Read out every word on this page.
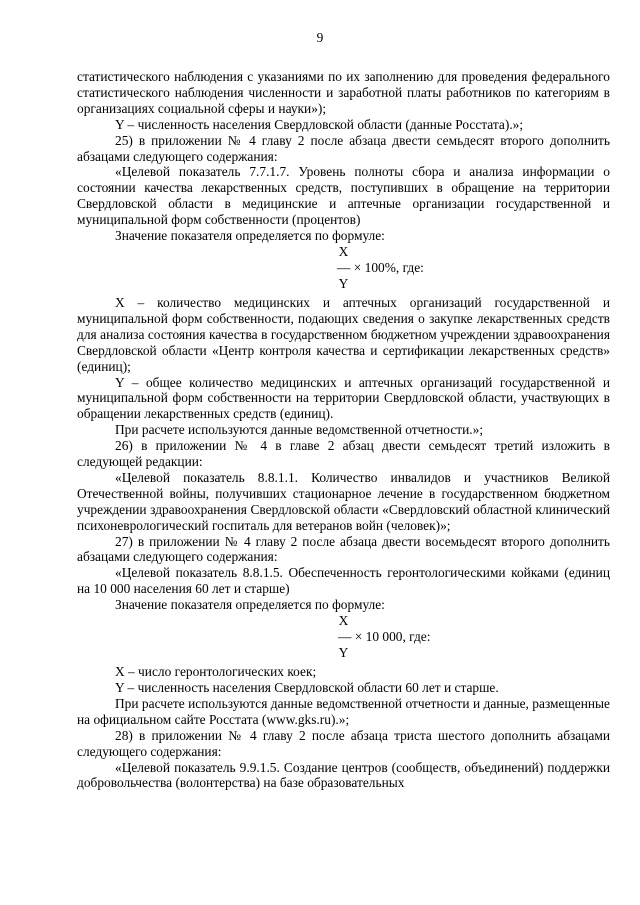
9

статистического наблюдения с указаниями по их заполнению для проведения федерального статистического наблюдения численности и заработной платы работников по категориям в организациях социальной сферы и науки»);

Y – численность населения Свердловской области (данные Росстата).»;

25) в приложении № 4 главу 2 после абзаца двести семьдесят второго дополнить абзацами следующего содержания:

«Целевой показатель 7.7.1.7. Уровень полноты сбора и анализа информации о состоянии качества лекарственных средств, поступивших в обращение на территории Свердловской области в медицинские и аптечные организации государственной и муниципальной форм собственности (процентов)

Значение показателя определяется по формуле:

X
— × 100%, где:
Y

X – количество медицинских и аптечных организаций государственной и муниципальной форм собственности, подающих сведения о закупке лекарственных средств для анализа состояния качества в государственном бюджетном учреждении здравоохранения Свердловской области «Центр контроля качества и сертификации лекарственных средств» (единиц);

Y – общее количество медицинских и аптечных организаций государственной и муниципальной форм собственности на территории Свердловской области, участвующих в обращении лекарственных средств (единиц).

При расчете используются данные ведомственной отчетности.»;

26) в приложении № 4 в главе 2 абзац двести семьдесят третий изложить в следующей редакции:

«Целевой показатель 8.8.1.1. Количество инвалидов и участников Великой Отечественной войны, получивших стационарное лечение в государственном бюджетном учреждении здравоохранения Свердловской области «Свердловский областной клинический психоневрологический госпиталь для ветеранов войн (человек)»;

27) в приложении № 4 главу 2 после абзаца двести восемьдесят второго дополнить абзацами следующего содержания:

«Целевой показатель 8.8.1.5. Обеспеченность геронтологическими койками (единиц на 10 000 населения 60 лет и старше)

Значение показателя определяется по формуле:

X
— × 10 000, где:
Y

X – число геронтологических коек;

Y – численность населения Свердловской области 60 лет и старше.

При расчете используются данные ведомственной отчетности и данные, размещенные на официальном сайте Росстата (www.gks.ru).»;

28) в приложении № 4 главу 2 после абзаца триста шестого дополнить абзацами следующего содержания:

«Целевой показатель 9.9.1.5. Создание центров (сообществ, объединений) поддержки добровольчества (волонтерства) на базе образовательных
